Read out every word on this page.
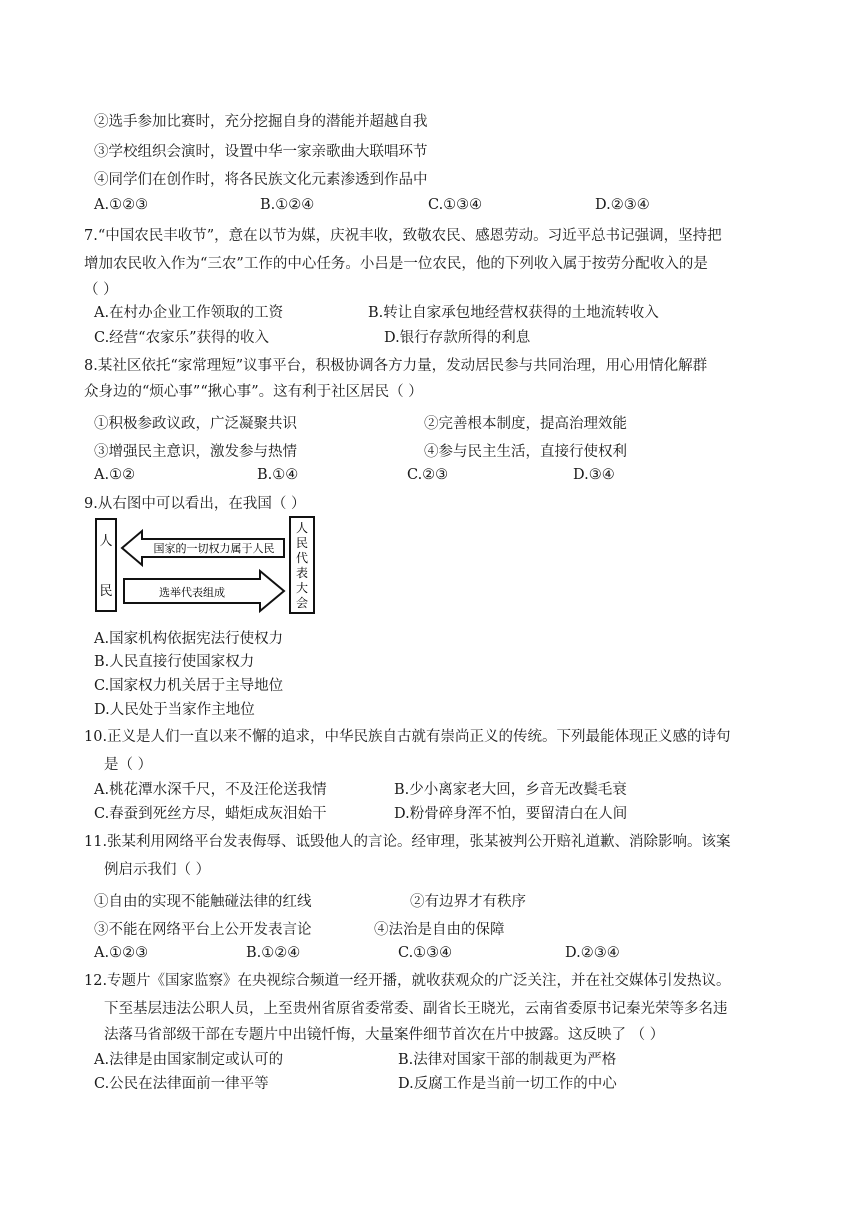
②选手参加比赛时，充分挖掘自身的潜能并超越自我
③学校组织会演时，设置中华一家亲歌曲大联唱环节
④同学们在创作时，将各民族文化元素渗透到作品中
A.①②③	B.①②④	C.①③④	D.②③④
7.“中国农民丰收节”，意在以节为媒，庆祝丰收，致敬农民、感恩劳动。习近平总书记强调，坚持把
增加农民收入作为“三农”工作的中心任务。小吕是一位农民，他的下列收入属于按劳分配收入的是
（ ）
A.在村办企业工作领取的工资	B.转让自家承包地经营权获得的土地流转收入
C.经营“农家乐”获得的收入	D.银行存款所得的利息
8.某社区依托“家常理短”议事平台，积极协调各方力量，发动居民参与共同治理，用心用情化解群
众身边的“烦心事”“揪心事”。这有利于社区居民（ ）
①积极参政议政，广泛凝聚共识	②完善根本制度，提高治理效能
③增强民主意识，激发参与热情	④参与民主生活，直接行使权利
A.①②	B.①④	C.②③	D.③④
9.从右图中可以看出，在我国（ ）
人
民
人
民
代
表
大
会
国家的一切权力属于人民
选举代表组成
A.国家机构依据宪法行使权力
B.人民直接行使国家权力
C.国家权力机关居于主导地位
D.人民处于当家作主地位
10.正义是人们一直以来不懈的追求，中华民族自古就有崇尚正义的传统。下列最能体现正义感的诗句
是（ ）
A.桃花潭水深千尺，不及汪伦送我情	B.少小离家老大回，乡音无改鬓毛衰
C.春蚕到死丝方尽，蜡炬成灰泪始干	D.粉骨碎身浑不怕，要留清白在人间
11.张某利用网络平台发表侮辱、诋毁他人的言论。经审理，张某被判公开赔礼道歉、消除影响。该案
例启示我们（ ）
①自由的实现不能触碰法律的红线	②有边界才有秩序
③不能在网络平台上公开发表言论	④法治是自由的保障
A.①②③	B.①②④	C.①③④	D.②③④
12.专题片《国家监察》在央视综合频道一经开播，就收获观众的广泛关注，并在社交媒体引发热议。
下至基层违法公职人员，上至贵州省原省委常委、副省长王晓光，云南省委原书记秦光荣等多名违
法落马省部级干部在专题片中出镜忏悔，大量案件细节首次在片中披露。这反映了 （ ）
A.法律是由国家制定或认可的	B.法律对国家干部的制裁更为严格
C.公民在法律面前一律平等	D.反腐工作是当前一切工作的中心
